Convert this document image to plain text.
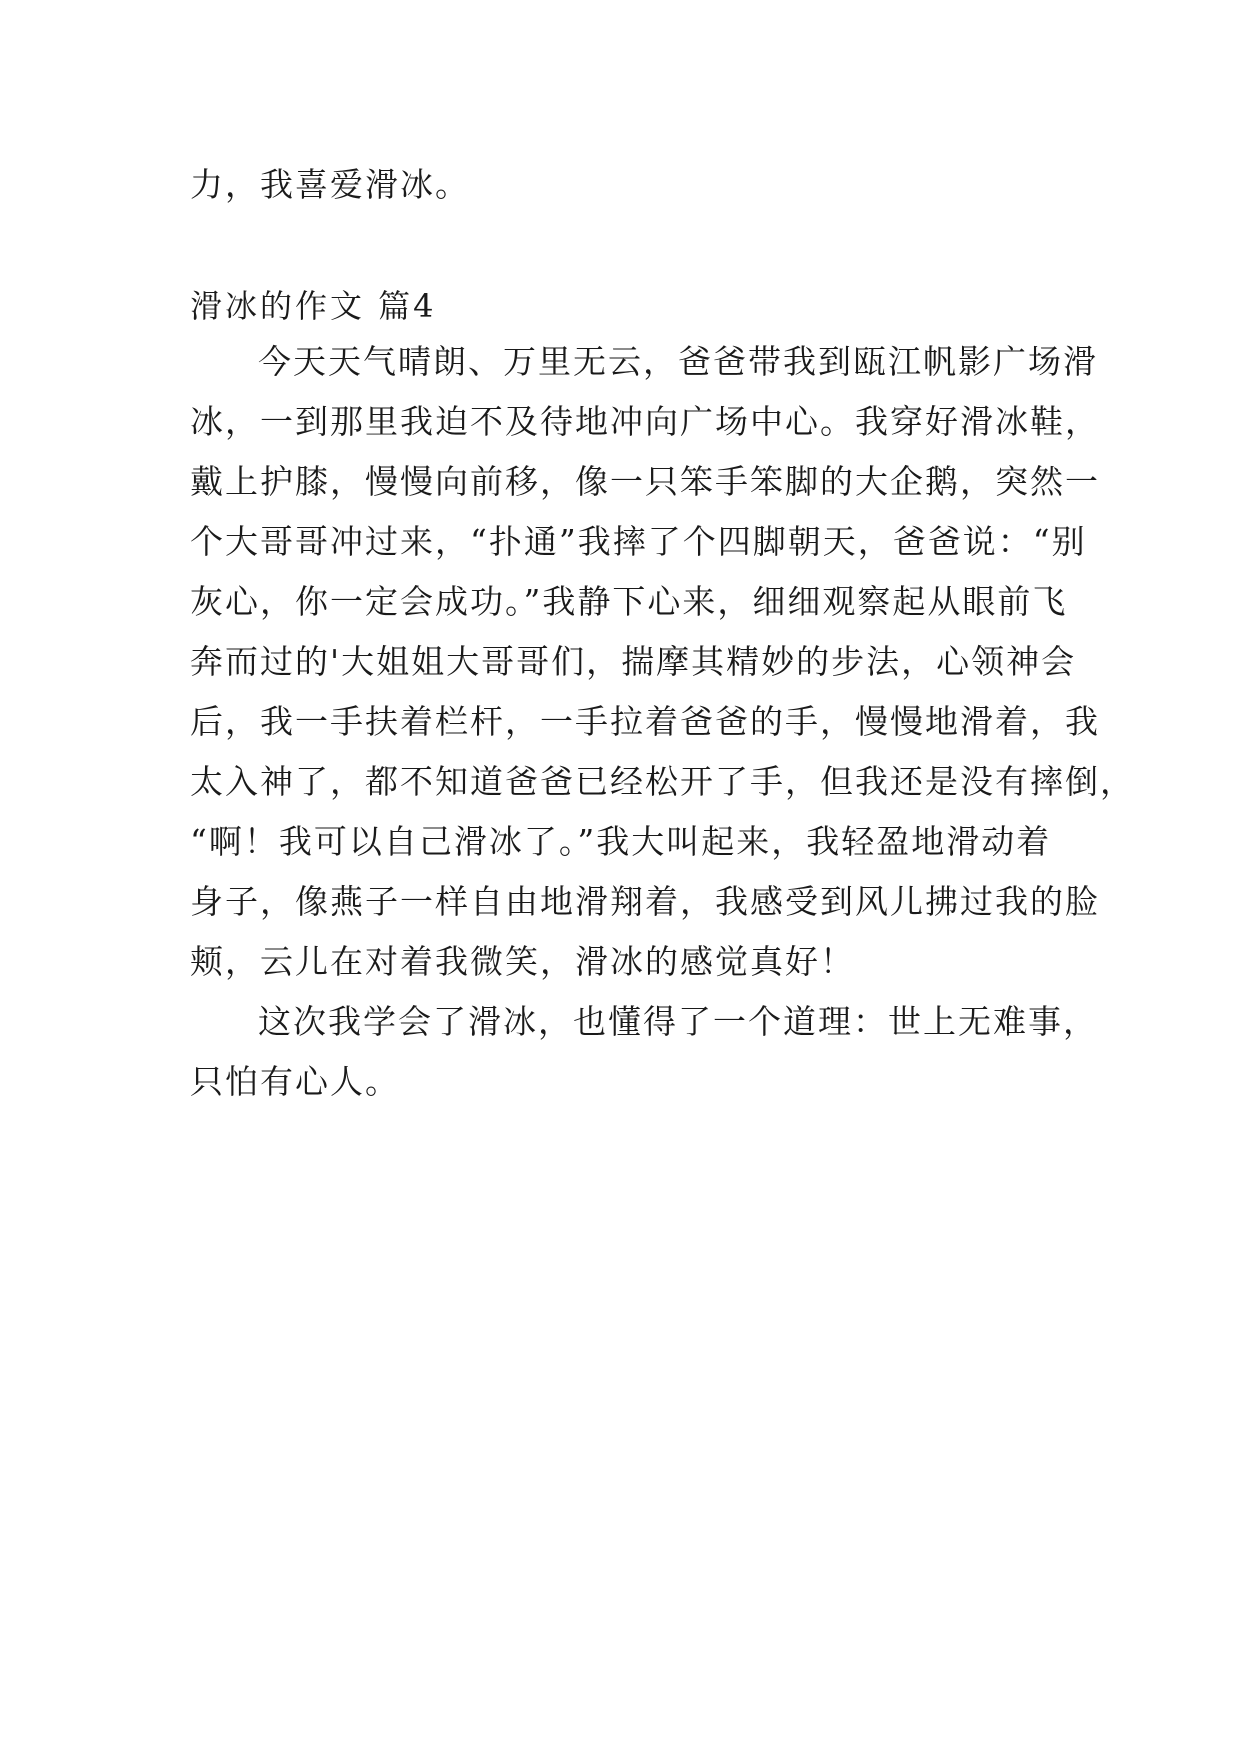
力，我喜爱滑冰。
滑冰的作文 篇4
今天天气晴朗、万里无云，爸爸带我到瓯江帆影广场滑
冰，一到那里我迫不及待地冲向广场中心。我穿好滑冰鞋，
戴上护膝，慢慢向前移，像一只笨手笨脚的大企鹅，突然一
个大哥哥冲过来，“扑通”我摔了个四脚朝天，爸爸说：“别
灰心，你一定会成功。”我静下心来，细细观察起从眼前飞
奔而过的'大姐姐大哥哥们，揣摩其精妙的步法，心领神会
后，我一手扶着栏杆，一手拉着爸爸的手，慢慢地滑着，我
太入神了，都不知道爸爸已经松开了手，但我还是没有摔倒，
“啊！我可以自己滑冰了。”我大叫起来，我轻盈地滑动着
身子，像燕子一样自由地滑翔着，我感受到风儿拂过我的脸
颊，云儿在对着我微笑，滑冰的感觉真好！
这次我学会了滑冰，也懂得了一个道理：世上无难事，
只怕有心人。
